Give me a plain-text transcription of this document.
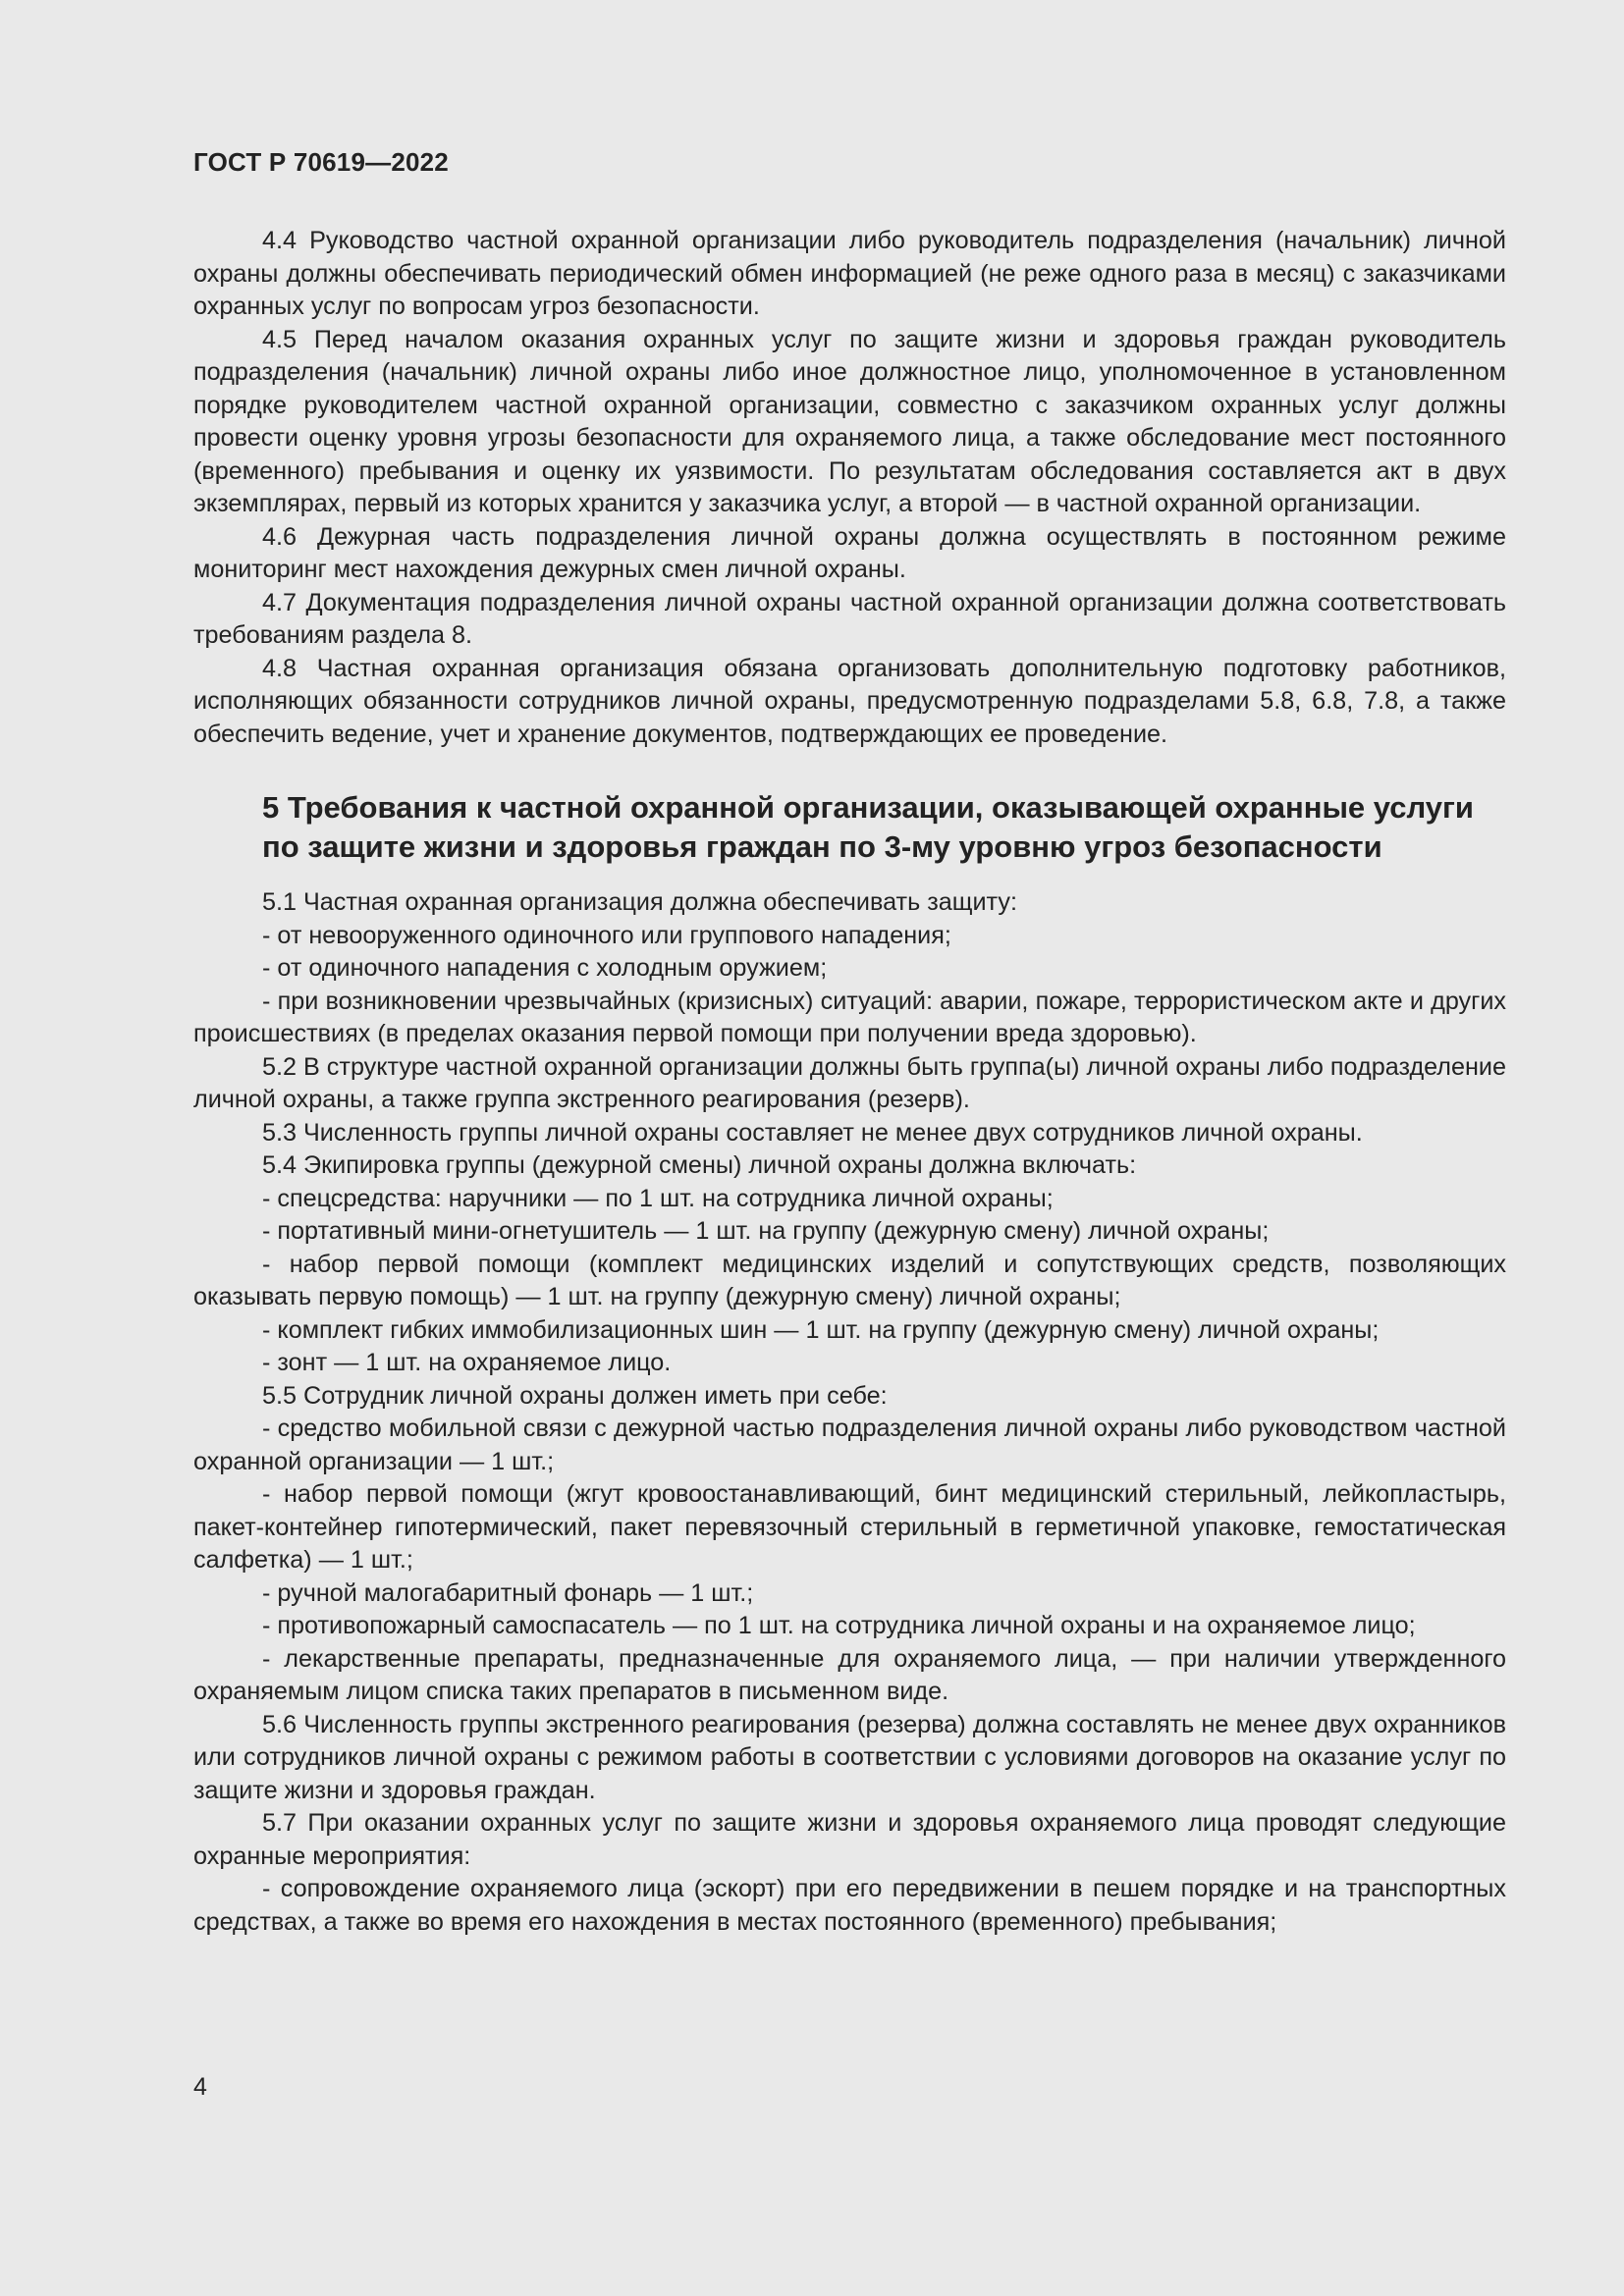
ГОСТ Р 70619—2022

4.4 Руководство частной охранной организации либо руководитель подразделения (начальник) личной охраны должны обеспечивать периодический обмен информацией (не реже одного раза в месяц) с заказчиками охранных услуг по вопросам угроз безопасности.

4.5 Перед началом оказания охранных услуг по защите жизни и здоровья граждан руководитель подразделения (начальник) личной охраны либо иное должностное лицо, уполномоченное в установленном порядке руководителем частной охранной организации, совместно с заказчиком охранных услуг должны провести оценку уровня угрозы безопасности для охраняемого лица, а также обследование мест постоянного (временного) пребывания и оценку их уязвимости. По результатам обследования составляется акт в двух экземплярах, первый из которых хранится у заказчика услуг, а второй — в частной охранной организации.

4.6 Дежурная часть подразделения личной охраны должна осуществлять в постоянном режиме мониторинг мест нахождения дежурных смен личной охраны.

4.7 Документация подразделения личной охраны частной охранной организации должна соответствовать требованиям раздела 8.

4.8 Частная охранная организация обязана организовать дополнительную подготовку работников, исполняющих обязанности сотрудников личной охраны, предусмотренную подразделами 5.8, 6.8, 7.8, а также обеспечить ведение, учет и хранение документов, подтверждающих ее проведение.

5 Требования к частной охранной организации, оказывающей охранные услуги по защите жизни и здоровья граждан по 3-му уровню угроз безопасности

5.1 Частная охранная организация должна обеспечивать защиту:

- от невооруженного одиночного или группового нападения;

- от одиночного нападения с холодным оружием;

- при возникновении чрезвычайных (кризисных) ситуаций: аварии, пожаре, террористическом акте и других происшествиях (в пределах оказания первой помощи при получении вреда здоровью).

5.2 В структуре частной охранной организации должны быть группа(ы) личной охраны либо подразделение личной охраны, а также группа экстренного реагирования (резерв).

5.3 Численность группы личной охраны составляет не менее двух сотрудников личной охраны.

5.4 Экипировка группы (дежурной смены) личной охраны должна включать:

- спецсредства: наручники — по 1 шт. на сотрудника личной охраны;

- портативный мини-огнетушитель — 1 шт. на группу (дежурную смену) личной охраны;

- набор первой помощи (комплект медицинских изделий и сопутствующих средств, позволяющих оказывать первую помощь) — 1 шт. на группу (дежурную смену) личной охраны;

- комплект гибких иммобилизационных шин — 1 шт. на группу (дежурную смену) личной охраны;

- зонт — 1 шт. на охраняемое лицо.

5.5 Сотрудник личной охраны должен иметь при себе:

- средство мобильной связи с дежурной частью подразделения личной охраны либо руководством частной охранной организации — 1 шт.;

- набор первой помощи (жгут кровоостанавливающий, бинт медицинский стерильный, лейкопластырь, пакет-контейнер гипотермический, пакет перевязочный стерильный в герметичной упаковке, гемостатическая салфетка) — 1 шт.;

- ручной малогабаритный фонарь — 1 шт.;

- противопожарный самоспасатель — по 1 шт. на сотрудника личной охраны и на охраняемое лицо;

- лекарственные препараты, предназначенные для охраняемого лица, — при наличии утвержденного охраняемым лицом списка таких препаратов в письменном виде.

5.6 Численность группы экстренного реагирования (резерва) должна составлять не менее двух охранников или сотрудников личной охраны с режимом работы в соответствии с условиями договоров на оказание услуг по защите жизни и здоровья граждан.

5.7 При оказании охранных услуг по защите жизни и здоровья охраняемого лица проводят следующие охранные мероприятия:

- сопровождение охраняемого лица (эскорт) при его передвижении в пешем порядке и на транспортных средствах, а также во время его нахождения в местах постоянного (временного) пребывания;

4
